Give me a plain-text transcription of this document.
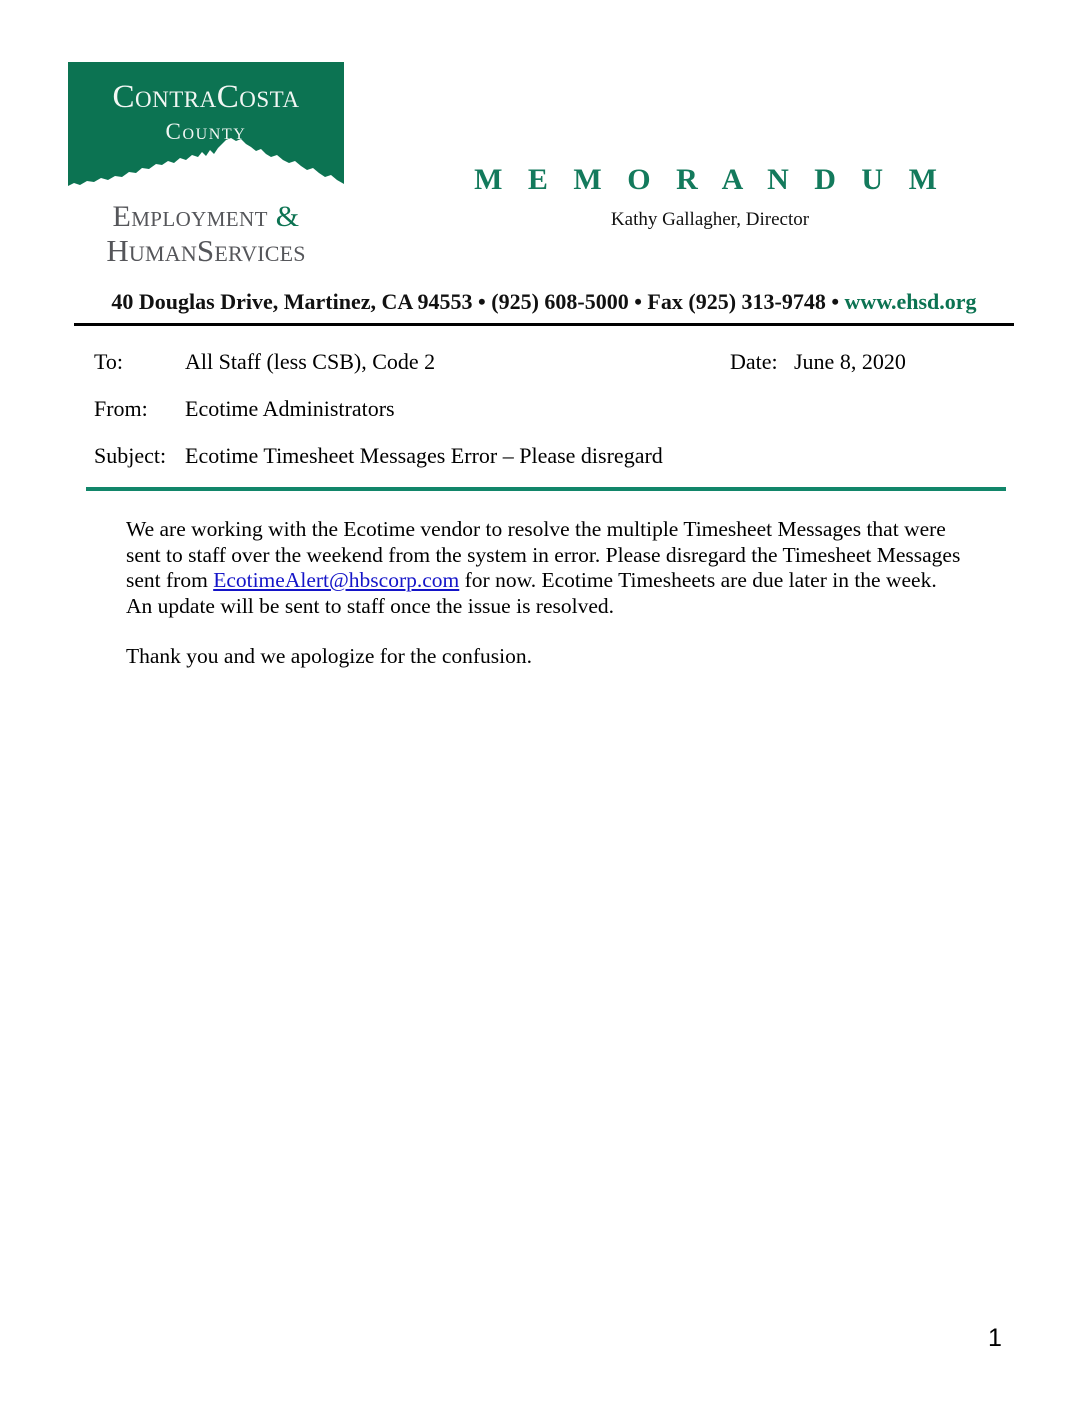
ContraCosta
County
Employment &
HumanServices
M E M O R A N D U M
Kathy Gallagher, Director
40 Douglas Drive, Martinez, CA 94553 • (925) 608-5000 • Fax (925) 313-9748 • www.ehsd.org
To:	All Staff (less CSB), Code 2	Date: June 8, 2020
From:	Ecotime Administrators
Subject: Ecotime Timesheet Messages Error – Please disregard

We are working with the Ecotime vendor to resolve the multiple Timesheet Messages that were sent to staff over the weekend from the system in error. Please disregard the Timesheet Messages sent from EcotimeAlert@hbscorp.com for now. Ecotime Timesheets are due later in the week. An update will be sent to staff once the issue is resolved.

Thank you and we apologize for the confusion.

1
